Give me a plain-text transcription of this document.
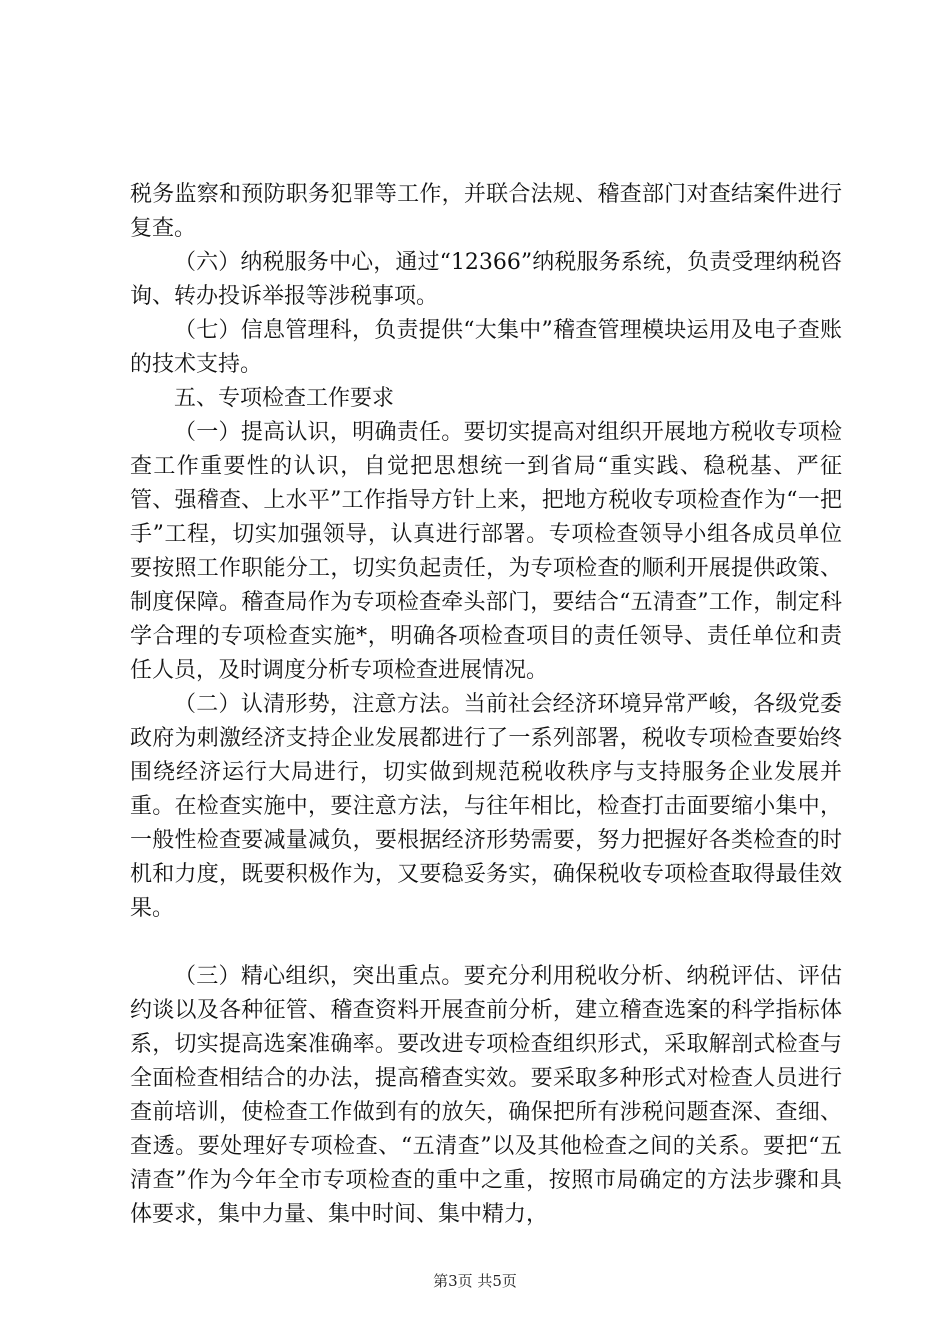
税务监察和预防职务犯罪等工作，并联合法规、稽查部门对查结案件进行复查。

（六）纳税服务中心，通过“12366”纳税服务系统，负责受理纳税咨询、转办投诉举报等涉税事项。

（七）信息管理科，负责提供“大集中”稽查管理模块运用及电子查账的技术支持。

五、专项检查工作要求

（一）提高认识，明确责任。要切实提高对组织开展地方税收专项检查工作重要性的认识，自觉把思想统一到省局“重实践、稳税基、严征管、强稽查、上水平”工作指导方针上来，把地方税收专项检查作为“一把手”工程，切实加强领导，认真进行部署。专项检查领导小组各成员单位要按照工作职能分工，切实负起责任，为专项检查的顺利开展提供政策、制度保障。稽查局作为专项检查牵头部门，要结合“五清查”工作，制定科学合理的专项检查实施*，明确各项检查项目的责任领导、责任单位和责任人员，及时调度分析专项检查进展情况。

（二）认清形势，注意方法。当前社会经济环境异常严峻，各级党委政府为刺激经济支持企业发展都进行了一系列部署，税收专项检查要始终围绕经济运行大局进行，切实做到规范税收秩序与支持服务企业发展并重。在检查实施中，要注意方法，与往年相比，检查打击面要缩小集中，一般性检查要减量减负，要根据经济形势需要，努力把握好各类检查的时机和力度，既要积极作为，又要稳妥务实，确保税收专项检查取得最佳效果。

（三）精心组织，突出重点。要充分利用税收分析、纳税评估、评估约谈以及各种征管、稽查资料开展查前分析，建立稽查选案的科学指标体系，切实提高选案准确率。要改进专项检查组织形式，采取解剖式检查与全面检查相结合的办法，提高稽查实效。要采取多种形式对检查人员进行查前培训，使检查工作做到有的放矢，确保把所有涉税问题查深、查细、查透。要处理好专项检查、“五清查”以及其他检查之间的关系。要把“五清查”作为今年全市专项检查的重中之重，按照市局确定的方法步骤和具体要求，集中力量、集中时间、集中精力，

第3页 共5页
